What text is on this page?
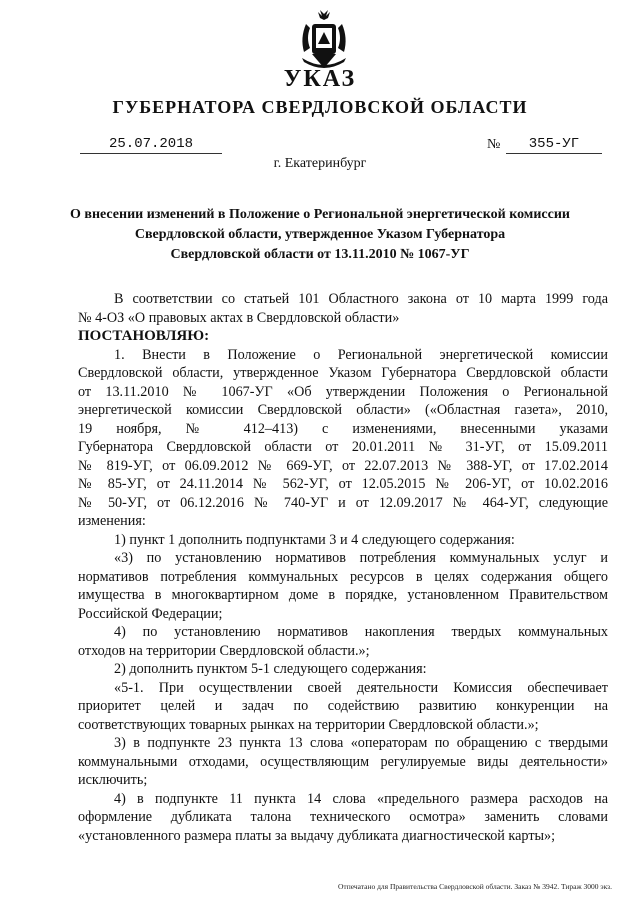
УКАЗ
ГУБЕРНАТОРА СВЕРДЛОВСКОЙ ОБЛАСТИ
25.07.2018	№	355-УГ
г. Екатеринбург
О внесении изменений в Положение о Региональной энергетической комиссии
Свердловской области, утвержденное Указом Губернатора
Свердловской области от 13.11.2010 № 1067-УГ

В соответствии со статьей 101 Областного закона от 10 марта 1999 года

№ 4-ОЗ «О правовых актах в Свердловской области»

ПОСТАНОВЛЯЮ:

1. Внести в Положение о Региональной энергетической комиссии

Свердловской области, утвержденное Указом Губернатора Свердловской области

от 13.11.2010 № 1067-УГ «Об утверждении Положения о Региональной

энергетической комиссии Свердловской области» («Областная газета», 2010,

19 ноября, № 412–413) с изменениями, внесенными указами

Губернатора Свердловской области от 20.01.2011 № 31-УГ, от 15.09.2011

№ 819-УГ, от 06.09.2012 № 669-УГ, от 22.07.2013 № 388-УГ, от 17.02.2014

№ 85-УГ, от 24.11.2014 № 562-УГ, от 12.05.2015 № 206-УГ, от 10.02.2016

№ 50-УГ, от 06.12.2016 № 740-УГ и от 12.09.2017 № 464-УГ, следующие

изменения:

1) пункт 1 дополнить подпунктами 3 и 4 следующего содержания:

«3) по установлению нормативов потребления коммунальных услуг и

нормативов потребления коммунальных ресурсов в целях содержания общего

имущества в многоквартирном доме в порядке, установленном Правительством

Российской Федерации;

4) по установлению нормативов накопления твердых коммунальных

отходов на территории Свердловской области.»;

2) дополнить пунктом 5-1 следующего содержания:

«5-1. При осуществлении своей деятельности Комиссия обеспечивает

приоритет целей и задач по содействию развитию конкуренции на

соответствующих товарных рынках на территории Свердловской области.»;

3) в подпункте 23 пункта 13 слова «операторам по обращению с твердыми

коммунальными отходами, осуществляющим регулируемые виды деятельности»

исключить;

4) в подпункте 11 пункта 14 слова «предельного размера расходов на

оформление дубликата талона технического осмотра» заменить словами

«установленного размера платы за выдачу дубликата диагностической карты»;

Отпечатано для Правительства Свердловской области. Заказ № 3942. Тираж 3000 экз.
